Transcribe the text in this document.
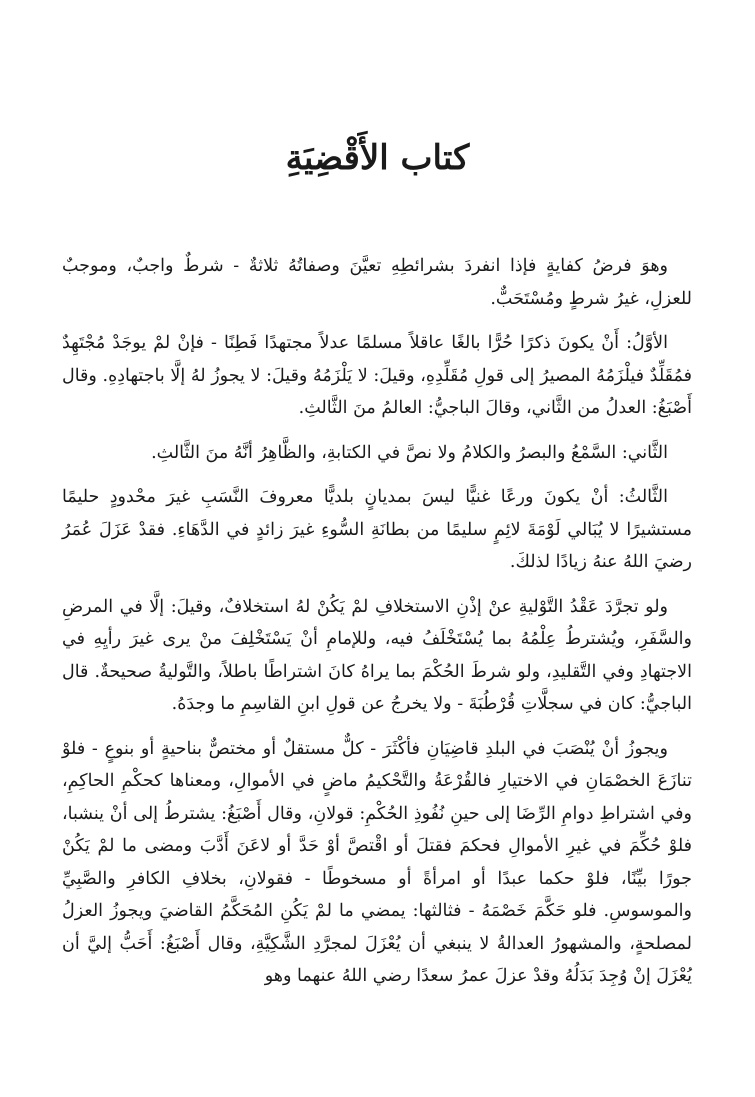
كتاب الأَقْضِيَةِ

وهوَ فرضُ كفايةٍ فإذا انفردَ بشرائطِهِ تعيَّنَ وصفاتُهُ ثلاثةٌ - شرطٌ واجبٌ، وموجبٌ للعزلِ، غيرُ شرطٍ ومُسْتَحَبٌّ.

الأوَّلُ: أَنْ يكونَ ذكرًا حُرًّا بالغًا عاقلاً مسلمًا عدلاً مجتهدًا فَطِنًا - فإنْ لمْ يوجَدْ مُجْتَهِدٌ فمُقَلِّدٌ فيلْزَمُهُ المصيرُ إلى قولِ مُقَلِّدِهِ، وقيلَ: لا يَلْزَمُهُ وقيلَ: لا يجوزُ لهُ إلَّا باجتهادِهِ. وقال أَصْبَغُ: العدلُ من الثَّاني، وقالَ الباجيُّ: العالمُ منَ الثَّالثِ.

الثَّاني: السَّمْعُ والبصرُ والكلامُ ولا نصَّ في الكتابةِ، والظَّاهِرُ أنَّهُ منَ الثَّالثِ.

الثَّالثُ: أنْ يكونَ ورعًا غنيًّا ليسَ بمديانٍ بلديًّا معروفَ النَّسَبِ غيرَ محْدودٍ حليمًا مستشيرًا لا يُبَالي لَوْمَةَ لائِمٍ سليمًا من بطانَةِ السُّوءِ غيرَ زائدٍ في الدَّهَاءِ. فقدْ عَزَلَ عُمَرُ رضيَ اللهُ عنهُ زيادًا لذلكَ.

ولو تجرَّدَ عَقْدُ التَّوْليةِ عنْ إذْنِ الاستخلافِ لمْ يَكُنْ لهُ استخلافٌ، وقيلَ: إلَّا في المرضِ والسَّفَرِ، ويُشترطُ عِلْمُهُ بما يُسْتَخْلَفُ فيه، وللإمامِ أنْ يَسْتَخْلِفَ منْ يرى غيرَ رأيِهِ في الاجتهادِ وفي التَّقليدِ، ولو شرطَ الحُكْمَ بما يراهُ كانَ اشتراطًا باطلاً، والتَّوليةُ صحيحةٌ. قال الباجيُّ: كان في سجلَّاتِ قُرْطُبَةَ - ولا يخرجُ عن قولِ ابنِ القاسِمِ ما وجدَهُ.

ويجوزُ أنْ يُنْصَبَ في البلدِ قاضِيَانِ فأكْثَرَ - كلٌّ مستقلٌ أو مختصٌّ بناحيةٍ أو بنوعٍ - فلوْ تنازَعَ الخصْمَانِ في الاختيارِ فالقُرْعَةُ والتَّحْكيمُ ماضٍ في الأموالِ، ومعناها كحكْمِ الحاكِمِ، وفي اشتراطِ دوامِ الرِّضَا إلى حينِ نُفُوذِ الحُكْمِ: قولانِ، وقال أَصْبَغُ: يشترطُ إلى أنْ ينشبا، فلوْ حُكِّمَ في غيرِ الأموالِ فحكمَ فقتلَ أو اقْتصَّ أوْ حَدَّ أو لاعَنَ أَدَّبَ ومضى ما لمْ يَكُنْ جورًا بيِّنًا، فلوْ حكما عبدًا أو امرأةً أو مسخوطًا - فقولانِ، بخلافِ الكافرِ والصَّبِيِّ والموسوسِ. فلو حَكَّمَ خَصْمَهُ - فثالثها: يمضي ما لمْ يَكُنِ المُحَكَّمُ القاضيَ ويجوزُ العزلُ لمصلحةٍ، والمشهورُ العدالةُ لا ينبغي أن يُعْزَلَ لمجرَّدِ الشَّكِيَّةِ، وقال أَصْبَغُ: أَحَبُّ إليَّ أن يُعْزَلَ إنْ وُجِدَ بَدَلُهُ وقدْ عزلَ عمرُ سعدًا رضي اللهُ عنهما وهو
